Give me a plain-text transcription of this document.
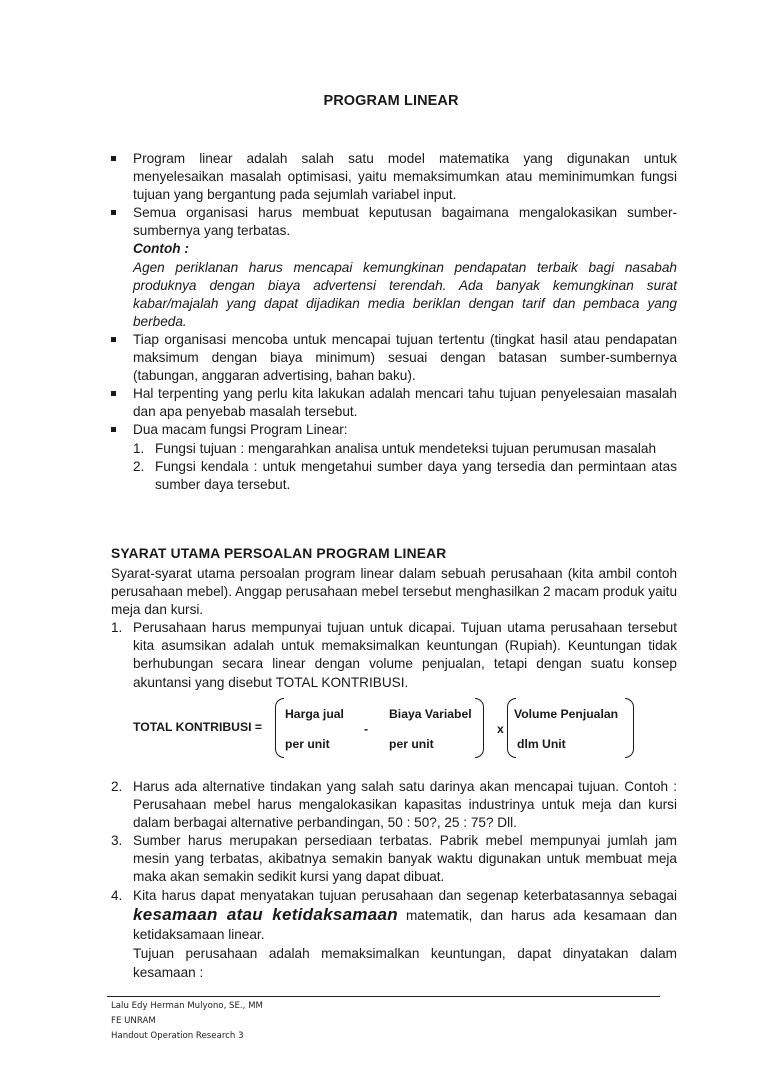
PROGRAM LINEAR
Program linear adalah salah satu model matematika yang digunakan untuk menyelesaikan masalah optimisasi, yaitu memaksimumkan atau meminimumkan fungsi tujuan yang bergantung pada sejumlah variabel input.
Semua organisasi harus membuat keputusan bagaimana mengalokasikan sumber-sumbernya yang terbatas.
Contoh :
Agen periklanan harus mencapai kemungkinan pendapatan terbaik bagi nasabah produknya dengan biaya advertensi terendah. Ada banyak kemungkinan surat kabar/majalah yang dapat dijadikan media beriklan dengan tarif dan pembaca yang berbeda.
Tiap organisasi mencoba untuk mencapai tujuan tertentu (tingkat hasil atau pendapatan maksimum dengan biaya minimum) sesuai dengan batasan sumber-sumbernya (tabungan, anggaran advertising, bahan baku).
Hal terpenting yang perlu kita lakukan adalah mencari tahu tujuan penyelesaian masalah dan apa penyebab masalah tersebut.
Dua macam fungsi Program Linear:
1. Fungsi tujuan : mengarahkan analisa untuk mendeteksi tujuan perumusan masalah
2. Fungsi kendala : untuk mengetahui sumber daya yang tersedia dan permintaan atas sumber daya tersebut.
SYARAT UTAMA PERSOALAN PROGRAM LINEAR
Syarat-syarat utama persoalan program linear dalam sebuah perusahaan (kita ambil contoh perusahaan mebel). Anggap perusahaan mebel tersebut menghasilkan 2 macam produk yaitu meja dan kursi.
1. Perusahaan harus mempunyai tujuan untuk dicapai. Tujuan utama perusahaan tersebut kita asumsikan adalah untuk memaksimalkan keuntungan (Rupiah). Keuntungan tidak berhubungan secara linear dengan volume penjualan, tetapi dengan suatu konsep akuntansi yang disebut TOTAL KONTRIBUSI.
2. Harus ada alternative tindakan yang salah satu darinya akan mencapai tujuan. Contoh : Perusahaan mebel harus mengalokasikan kapasitas industrinya untuk meja dan kursi dalam berbagai alternative perbandingan, 50 : 50?, 25 : 75? Dll.
3. Sumber harus merupakan persediaan terbatas. Pabrik mebel mempunyai jumlah jam mesin yang terbatas, akibatnya semakin banyak waktu digunakan untuk membuat meja maka akan semakin sedikit kursi yang dapat dibuat.
4. Kita harus dapat menyatakan tujuan perusahaan dan segenap keterbatasannya sebagai kesamaan atau ketidaksamaan matematik, dan harus ada kesamaan dan ketidaksamaan linear.
Tujuan perusahaan adalah memaksimalkan keuntungan, dapat dinyatakan dalam kesamaan :
TOTAL KONTRIBUSI =
Harga jual
per unit
-
Biaya Variabel
per unit
x
Volume Penjualan
dlm Unit
Lalu Edy Herman Mulyono, SE., MM
FE UNRAM
Handout Operation Research 3
